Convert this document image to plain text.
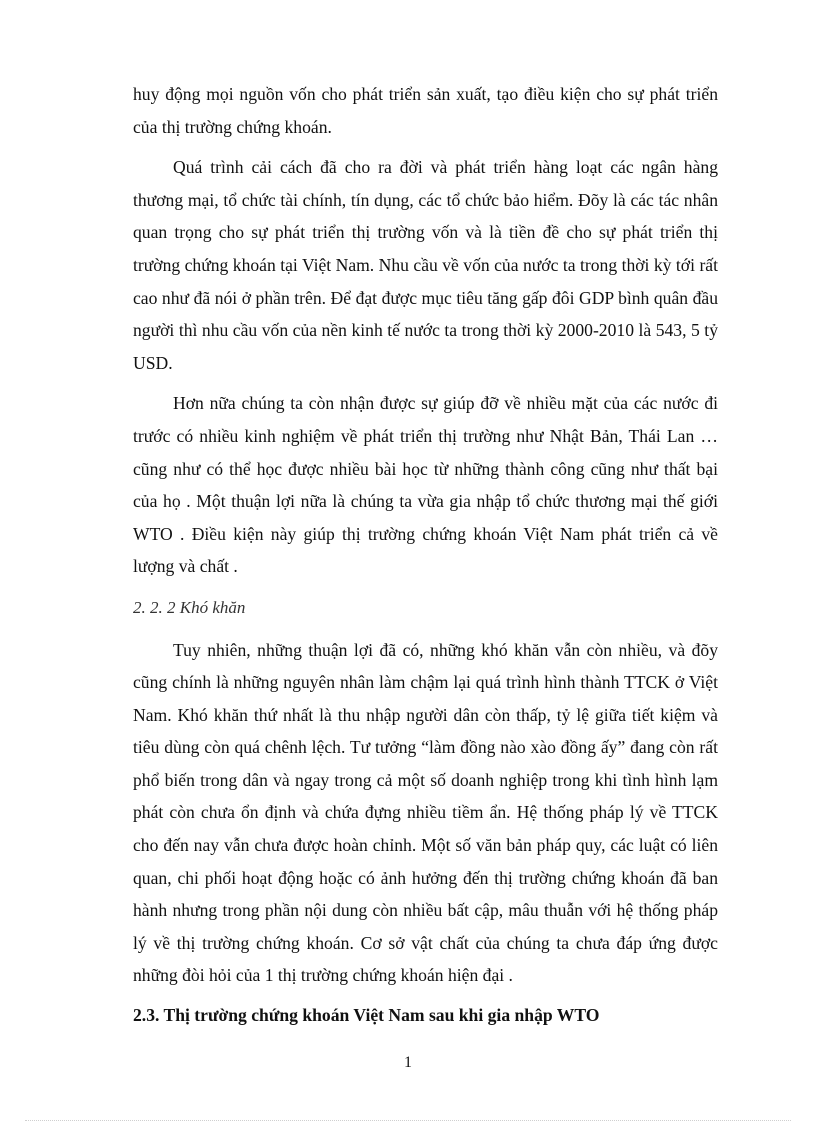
huy động mọi nguồn vốn cho phát triển sản xuất, tạo điều kiện cho sự phát triển của thị trường chứng khoán.

Quá trình cải cách đã cho ra đời và phát triển hàng loạt các ngân hàng thương mại, tổ chức tài chính, tín dụng, các tổ chức bảo hiểm. Đõy là các tác nhân quan trọng cho sự phát triển thị trường vốn và là tiền đề cho sự phát triển thị trường chứng khoán tại Việt Nam. Nhu cầu về vốn của nước ta trong thời kỳ tới rất cao như đã nói ở phần trên. Để đạt được mục tiêu tăng gấp đôi GDP bình quân đầu người thì nhu cầu vốn của nền kinh tế nước ta trong thời kỳ 2000-2010 là 543, 5 tỷ USD.

Hơn nữa chúng ta còn nhận được sự giúp đỡ về nhiều mặt của các nước đi trước có nhiều kinh nghiệm về phát triển thị trường như Nhật Bản, Thái Lan … cũng như có thể học được nhiều bài học từ những thành công cũng như thất bại của họ . Một thuận lợi nữa là chúng ta vừa gia nhập tổ chức thương mại thế giới WTO . Điều kiện này giúp thị trường chứng khoán Việt Nam phát triển cả về lượng và chất .

2. 2. 2 Khó khăn

Tuy nhiên, những thuận lợi đã có, những khó khăn vẫn còn nhiều, và đõy cũng chính là những nguyên nhân làm chậm lại quá trình hình thành TTCK ở Việt Nam. Khó khăn thứ nhất là thu nhập người dân còn thấp, tỷ lệ giữa tiết kiệm và tiêu dùng còn quá chênh lệch. Tư tưởng “làm đồng nào xào đồng ấy” đang còn rất phổ biến trong dân và ngay trong cả một số doanh nghiệp trong khi tình hình lạm phát còn chưa ổn định và chứa đựng nhiều tiềm ẩn. Hệ thống pháp lý về TTCK cho đến nay vẫn chưa được hoàn chỉnh. Một số văn bản pháp quy, các luật có liên quan, chi phối hoạt động hoặc có ảnh hưởng đến thị trường chứng khoán đã ban hành nhưng trong phần nội dung còn nhiều bất cập, mâu thuẫn với hệ thống pháp lý về thị trường chứng khoán. Cơ sở vật chất của chúng ta chưa đáp ứng được những đòi hỏi của 1 thị trường chứng khoán hiện đại .

2.3. Thị trường chứng khoán Việt Nam sau khi gia nhập WTO

1
